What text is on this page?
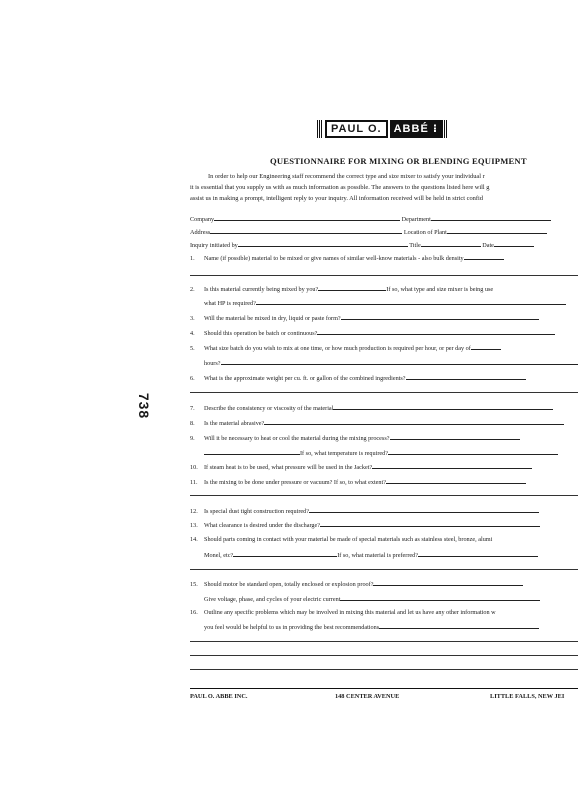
738
PAUL O.	ABBÉ ⁝
QUESTIONNAIRE FOR MIXING OR BLENDING EQUIPMENT
In order to help our Engineering staff recommend the correct type and size mixer to satisfy your individual r
it is essential that you supply us with as much information as possible. The answers to the questions listed here will g
assist us in making a prompt, intelligent reply to your inquiry. All information received will be held in strict confid
Company	Department
Address	Location of Plant
Inquiry initiated by	Title	Date
1. Name (if possible) material to be mixed or give names of similar well-know materials - also bulk density
2. Is this material currently being mixed by you?	If so, what type and size mixer is being use
what HP is required?
3. Will the material be mixed in dry, liquid or paste form?
4. Should this operation be batch or continuous?
5. What size batch do you wish to mix at one time, or how much production is required per hour, or per day of
hours?
6. What is the approximate weight per cu. ft. or gallon of the combined ingredients?
7. Describe the consistency or viscosity of the material
8. Is the material abrasive?
9. Will it be necessary to heat or cool the material during the mixing process?
If so, what temperature is required?
10. If steam heat is to be used, what pressure will be used in the Jacket?
11. Is the mixing to be done under pressure or vacuum? If so, to what extent?
12. Is special dust tight construction required?
13. What clearance is desired under the discharge?
14. Should parts coming in contact with your material be made of special materials such as stainless steel, bronze, alumi
Monel, etc?	If so, what material is preferred?
15. Should motor be standard open, totally enclosed or explosion proof?
Give voltage, phase, and cycles of your electric current
16. Outline any specific problems which may be involved in mixing this material and let us have any other information w
you feel would be helpful to us in providing the best recommendations
PAUL O. ABBE INC.	148 CENTER AVENUE	LITTLE FALLS, NEW JEI
